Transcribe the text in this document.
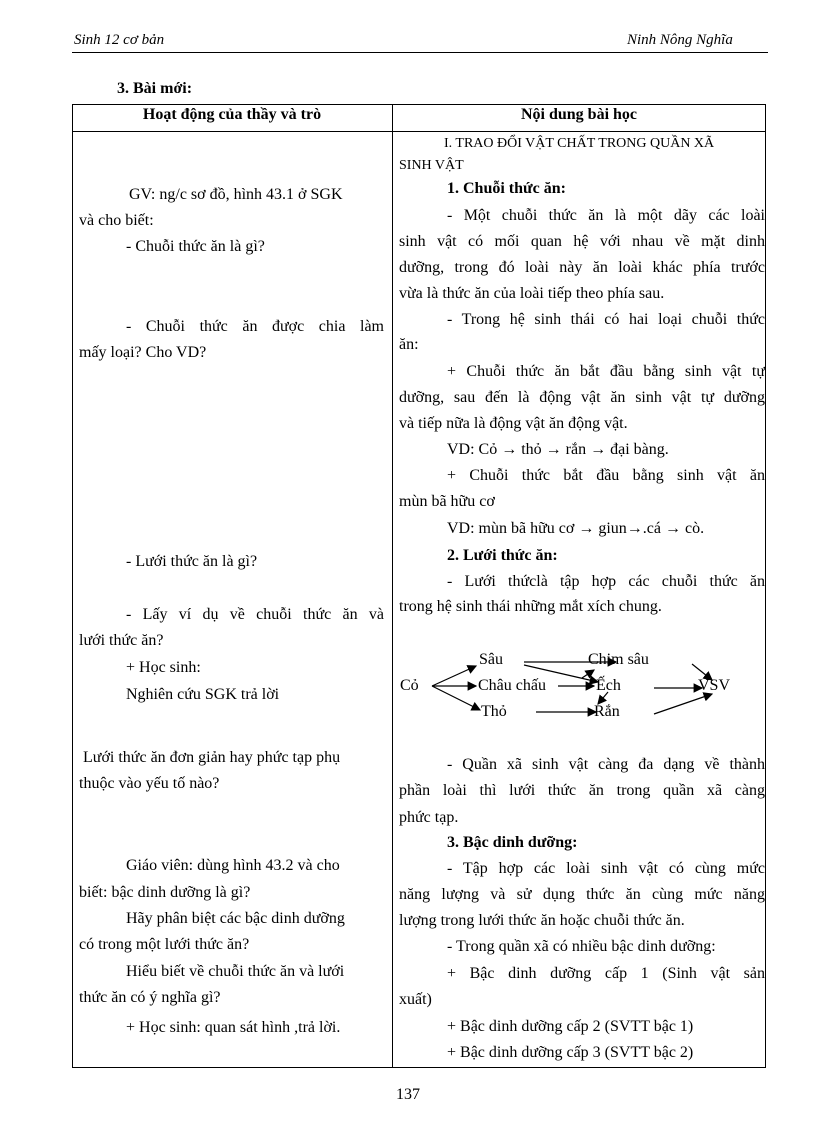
Sinh 12 cơ bản	Ninh Nông Nghĩa
3. Bài mới:
Hoạt động của thầy và trò	Nội dung bài học
GV: ng/c sơ đồ, hình 43.1 ở SGK
và cho biết:
- Chuỗi thức ăn là gì?
- Chuỗi thức ăn được chia làm
mấy loại? Cho VD?
- Lưới thức ăn là gì?
- Lấy ví dụ về chuỗi thức ăn và
lưới thức ăn?
+ Học sinh:
Nghiên cứu SGK trả lời
Lưới thức ăn đơn giản hay phức tạp phụ
thuộc vào yếu tố nào?
Giáo viên: dùng hình 43.2 và cho
biết: bậc dinh dưỡng là gì?
Hãy phân biệt các bậc dinh dưỡng
có trong một lưới thức ăn?
Hiểu biết về chuỗi thức ăn và lưới
thức ăn có ý nghĩa gì?
+ Học sinh: quan sát hình ,trả lời.
I. TRAO ĐỔI VẬT CHẤT TRONG QUẦN XÃ
SINH VẬT
1. Chuỗi thức ăn:
- Một chuỗi thức ăn là một dãy các loài
sinh vật có mối quan hệ với nhau về mặt dinh
dưỡng, trong đó loài này ăn loài khác phía trước
vừa là thức ăn của loài tiếp theo phía sau.
- Trong hệ sinh thái có hai loại chuỗi thức
ăn:
+ Chuỗi thức ăn bắt đầu bằng sinh vật tự
dưỡng, sau đến là động vật ăn sinh vật tự dưỡng
và tiếp nữa là động vật ăn động vật.
VD: Cỏ → thỏ → rắn → đại bàng.
+ Chuỗi thức bắt đầu bằng sinh vật ăn
mùn bã hữu cơ
VD: mùn bã hữu cơ → giun→.cá → cò.
2. Lưới thức ăn:
- Lưới thứclà tập hợp các chuỗi thức ăn
trong hệ sinh thái những mắt xích chung.
Cỏ
Sâu
Châu chấu
Thỏ
Chim sâu
Ếch
Rắn
VSV
- Quần xã sinh vật càng đa dạng về thành
phần loài thì lưới thức ăn trong quần xã càng
phức tạp.
3. Bậc dinh dưỡng:
- Tập hợp các loài sinh vật có cùng mức
năng lượng và sử dụng thức ăn cùng mức năng
lượng trong lưới thức ăn hoặc chuỗi thức ăn.
- Trong quần xã có nhiều bậc dinh dưỡng:
+ Bậc dinh dưỡng cấp 1 (Sinh vật sản
xuất)
+ Bậc dinh dưỡng cấp 2 (SVTT bậc 1)
+ Bậc dinh dưỡng cấp 3 (SVTT bậc 2)
137
